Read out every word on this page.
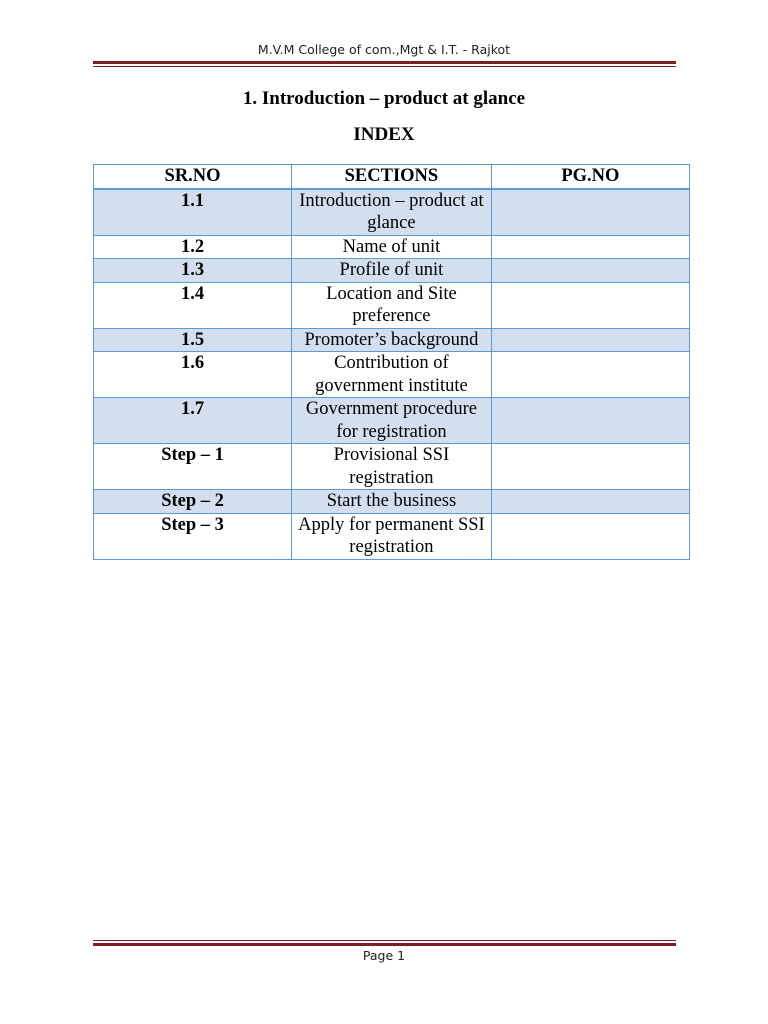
M.V.M College of com.,Mgt & I.T. - Rajkot
1. Introduction – product at glance
INDEX
SR.NO	SECTIONS	PG.NO
1.1	Introduction – product at glance	
1.2	Name of unit	
1.3	Profile of unit	
1.4	Location and Site preference	
1.5	Promoter’s background	
1.6	Contribution of government institute	
1.7	Government procedure for registration	
Step – 1	Provisional SSI registration	
Step – 2	Start the business	
Step – 3	Apply for permanent SSI registration	
Page 1
